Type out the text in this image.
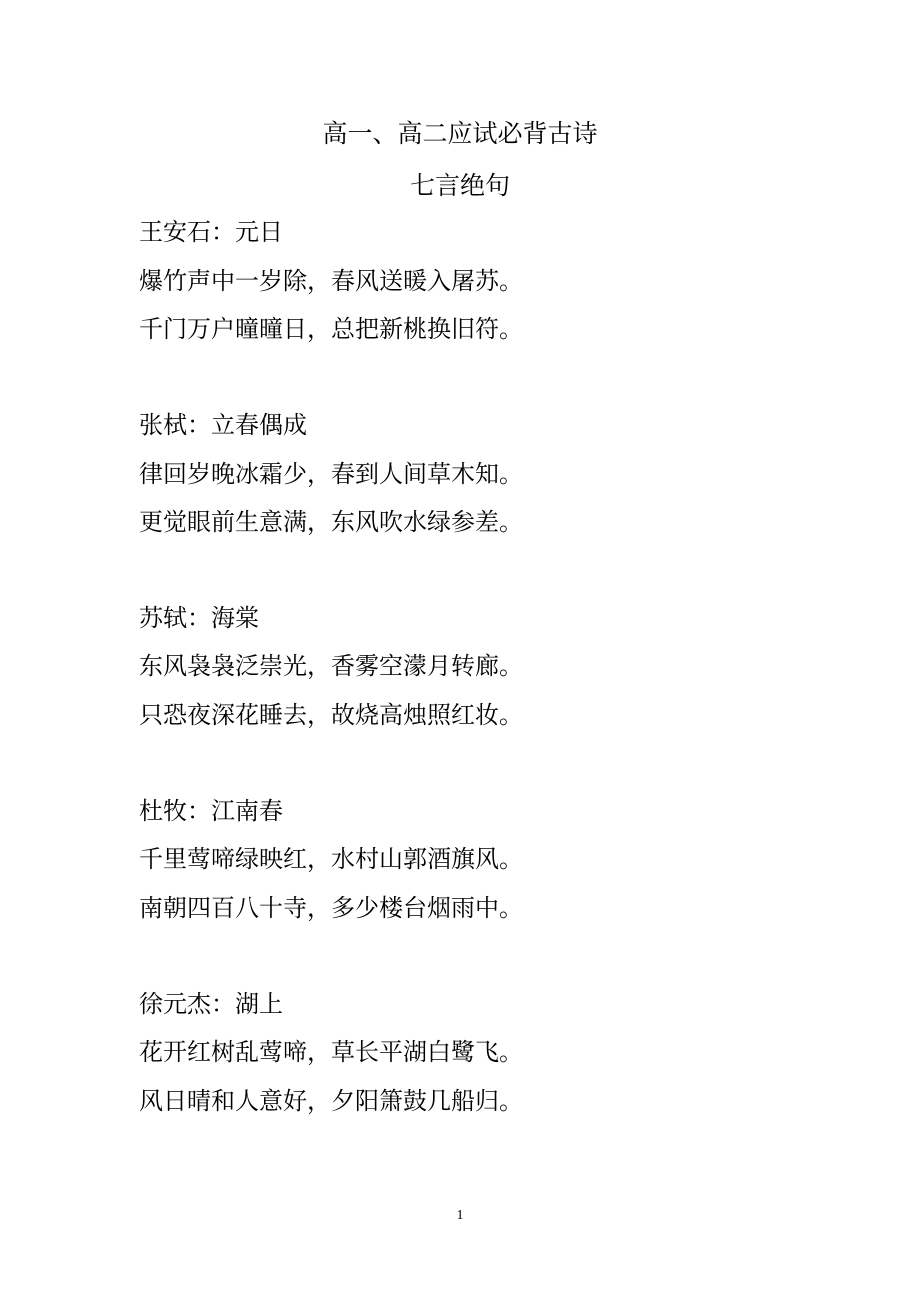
高一、高二应试必背古诗
七言绝句
王安石：元日
爆竹声中一岁除，春风送暖入屠苏。
千门万户曈曈日，总把新桃换旧符。
张栻：立春偶成
律回岁晚冰霜少，春到人间草木知。
更觉眼前生意满，东风吹水绿参差。
苏轼：海棠
东风袅袅泛崇光，香雾空濛月转廊。
只恐夜深花睡去，故烧高烛照红妆。
杜牧：江南春
千里莺啼绿映红，水村山郭酒旗风。
南朝四百八十寺，多少楼台烟雨中。
徐元杰：湖上
花开红树乱莺啼，草长平湖白鹭飞。
风日晴和人意好，夕阳箫鼓几船归。
1
